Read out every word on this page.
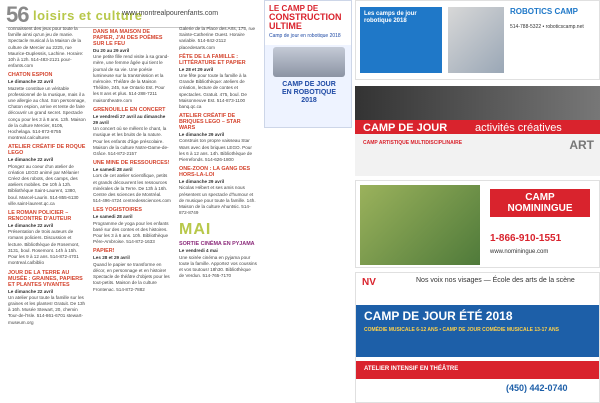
56 loisirs et culture
www.montrealpourenfants.com

connaissent des jeux pour toute la famille ainsi qu'un jeu de manie. Spectacle musical à la Maison de la culture de Mercier au 2225, rue Maurice-Duplessis, Lachine. Horaire: 10h à 12h. 514-483-2121 pour-enfants.com

CHATON ESPION
Le dimanche 22 avril

Mazette constitue un véritable professionnel de la musique, mais il a une allergie au chat. Son personnage, Chaton espion, arrive et tente de faire découvrir un grand secret. Spectacle conçu pour les 3 à 8 ans. 13h. Maison de la culture Mercier, 8105, Hochelaga. 514-872-8755 montreal.ca/cultures

ATELIER CRÉATIF DE ROQUE LEGO
Le dimanche 22 avril

Plongez au coeur d'un atelier de création LEGO animé par Mélanie! Créez des robots, des camps, des ateliers mobiles. De 10h à 12h. Bibliothèque Saint-Laurent, 1380, boul. Marcel-Laurin. 514-855-6130 ville.saint-laurent.qc.ca

LE ROMAN POLICIER – RENCONTRE D'AUTEUR
Le dimanche 22 avril

Présentation de trois auteurs de romans policiers. Discussion et lecture. Bibliothèque de Rosemont, 3131, boul. Rosemont. 14h à 15h. Pour les 9 à 12 ans. 514-872-4701 montreal.ca/biblio

JOUR DE LA TERRE AU MUSÉE : GRAINES, PAPIERS ET PLANTES VIVANTES
Le dimanche 22 avril

Un atelier pour toute la famille sur les graines et les plantes! Gratuit. De 13h à 16h. Musée Stewart, 20, chemin Tour-de-l'Isle. 514-861-6701 stewart-museum.org

DANS MA MAISON DE PAPIER, J'AI DES POÈMES SUR LE FEU
Du 20 au 29 avril

Une petite fille rend visite à sa grand-mère, une femme âgée qui tient le journal de sa vie. Une poésie lumineuse sur la transmission et la mémoire. Théâtre de la Maison Théâtre, 245, rue Ontario Est. Pour les 8 ans et plus. 514-288-7211 maisontheatre.com

GRENOUILLE EN CONCERT
Le vendredi 27 avril au dimanche 29 avril

Un concert où se mêlent le chant, la musique et les bruits de la nature. Pour les enfants d'âge préscolaire. Maison de la culture Notre-Dame-de-Grâce. 514-872-2157

UNE MINE DE RESSOURCES!
Le samedi 28 avril

Lors de cet atelier scientifique, petits et grands découvrent les ressources minérales de la Terre. De 13h à 16h. Centre des sciences de Montréal. 514-496-4724 centredessciences.com

LES YOGISTOIRES
Le samedi 28 avril

Programme de yoga pour les enfants basé sur des contes et des histoires. Pour les 3 à 6 ans. 10h. Bibliothèque Père-Ambroise. 514-872-1633

PAPIER!
Les 28 et 29 avril

Quand le papier se transforme en décor, en personnage et en histoire! Spectacle de théâtre d'objets pour les tout-petits. Maison de la culture Frontenac. 514-872-7882

Galerie de la Place des Arts, 175, rue Sainte-Catherine Ouest. Horaire variable. 514-842-2112 placedesarts.com

FÊTE DE LA FAMILLE : LITTÉRATURE ET PAPIER
Le 28 et 29 avril

Une fête pour toute la famille à la Grande Bibliothèque: ateliers de création, lecture de contes et spectacles. Gratuit. 475, boul. De Maisonneuve Est. 514-873-1100 banq.qc.ca

ATELIER CRÉATIF DE BRIQUES LEGO – STAR WARS
Le dimanche 29 avril

Construis ton propre vaisseau Star Wars avec des briques LEGO. Pour les 6 à 12 ans. 14h. Bibliothèque de Pierrefonds. 514-626-1800

ONE-ZOON : LA GANG DES HORS-LA-LOI
Le dimanche 29 avril

Nicolas Hébert et ses amis nous présentent un spectacle d'humour et de musique pour toute la famille. 14h. Maison de la culture Ahuntsic. 514-872-8749

MAI
SORTIE CINÉMA EN PYJAMA
Le vendredi 4 mai

Une soirée cinéma en pyjama pour toute la famille. Apportez vos coussins et vos toutous! 18h30. Bibliothèque de Verdun. 514-765-7170

LE CAMP DE
CONSTRUCTION ULTIME
Camp de jour en robotique 2018
CAMP DE JOUR EN ROBOTIQUE 2018
Les camps de jour robotique 2018
ROBOTICS CAMP
514-788-5322 • roboticscamp.net
CAMP DE JOUR	activités créatives
CAMP ARTISTIQUE MULTIDISCIPLINAIRE	ART
CAMP NOMININGUE
1-866-910-1551
www.nominingue.com
NV	Nos voix nos visages — École des arts de la scène
CAMP DE JOUR ÉTÉ 2018
COMÉDIE MUSICALE 6-12 ANS • CAMP DE JOUR COMÉDIE MUSICALE 13-17 ANS
ATELIER INTENSIF EN THÉÂTRE
(450) 442-0740
